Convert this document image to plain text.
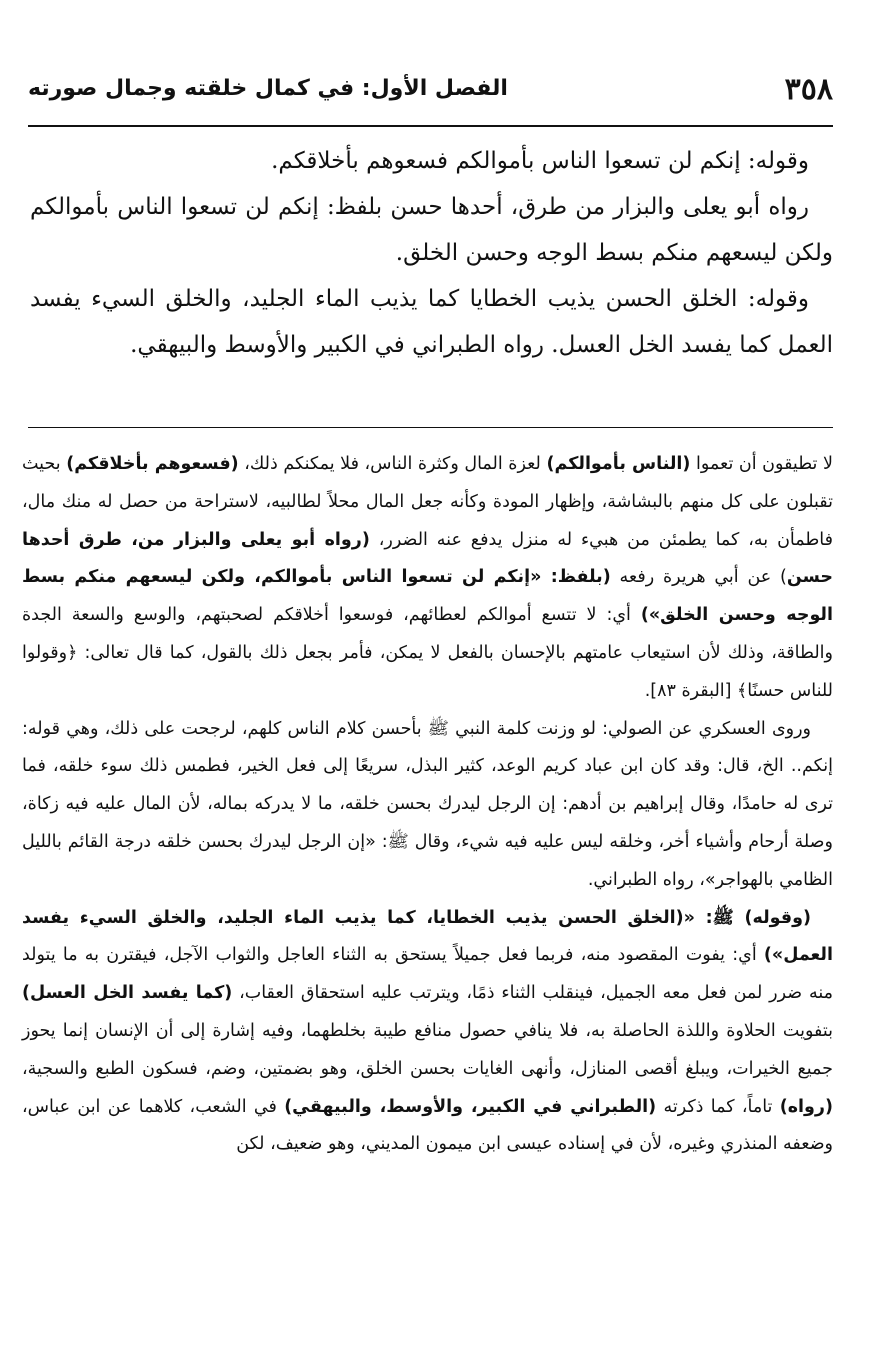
٣٥٨
الفصل الأول: في كمال خلقته وجمال صورته

وقوله: إنكم لن تسعوا الناس بأموالكم فسعوهم بأخلاقكم.

رواه أبو يعلى والبزار من طرق، أحدها حسن بلفظ: إنكم لن تسعوا الناس بأموالكم ولكن ليسعهم منكم بسط الوجه وحسن الخلق.

وقوله: الخلق الحسن يذيب الخطايا كما يذيب الماء الجليد، والخلق السيء يفسد العمل كما يفسد الخل العسل. رواه الطبراني في الكبير والأوسط والبيهقي.

لا تطيقون أن تعموا (الناس بأموالكم) لعزة المال وكثرة الناس، فلا يمكنكم ذلك، (فسعوهم بأخلاقكم) بحيث تقبلون على كل منهم بالبشاشة، وإظهار المودة وكأنه جعل المال محلاً لطالبيه، لاستراحة من حصل له منك مال، فاطمأن به، كما يطمئن من هبيء له منزل يدفع عنه الضرر، (رواه أبو يعلى والبزار من، طرق أحدها حسن) عن أبي هريرة رفعه (بلفظ: «إنكم لن تسعوا الناس بأموالكم، ولكن ليسعهم منكم بسط الوجه وحسن الخلق») أي: لا تتسع أموالكم لعطائهم، فوسعوا أخلاقكم لصحبتهم، والوسع والسعة الجدة والطاقة، وذلك لأن استيعاب عامتهم بالإحسان بالفعل لا يمكن، فأمر بجعل ذلك بالقول، كما قال تعالى: ﴿وقولوا للناس حسنًا﴾ [البقرة ٨٣].

وروى العسكري عن الصولي: لو وزنت كلمة النبي ﷺ بأحسن كلام الناس كلهم، لرجحت على ذلك، وهي قوله: إنكم.. الخ، قال: وقد كان ابن عباد كريم الوعد، كثير البذل، سريعًا إلى فعل الخير، فطمس ذلك سوء خلقه، فما ترى له حامدًا، وقال إبراهيم بن أدهم: إن الرجل ليدرك بحسن خلقه، ما لا يدركه بماله، لأن المال عليه فيه زكاة، وصلة أرحام وأشياء أخر، وخلقه ليس عليه فيه شيء، وقال ﷺ: «إن الرجل ليدرك بحسن خلقه درجة القائم بالليل الظامي بالهواجر»، رواه الطبراني.

(وقوله) ﷺ: «(الخلق الحسن يذيب الخطايا، كما يذيب الماء الجليد، والخلق السيء يفسد العمل») أي: يفوت المقصود منه، فربما فعل جميلاً يستحق به الثناء العاجل والثواب الآجل، فيقترن به ما يتولد منه ضرر لمن فعل معه الجميل، فينقلب الثناء ذمًا، ويترتب عليه استحقاق العقاب، (كما يفسد الخل العسل) بتفويت الحلاوة واللذة الحاصلة به، فلا ينافي حصول منافع طيبة بخلطهما، وفيه إشارة إلى أن الإنسان إنما يحوز جميع الخيرات، ويبلغ أقصى المنازل، وأنهى الغايات بحسن الخلق، وهو بضمتين، وضم، فسكون الطبع والسجية، (رواه) تاماً، كما ذكرته (الطبراني في الكبير، والأوسط، والبيهقي) في الشعب، كلاهما عن ابن عباس، وضعفه المنذري وغيره، لأن في إسناده عيسى ابن ميمون المديني، وهو ضعيف، لكن
